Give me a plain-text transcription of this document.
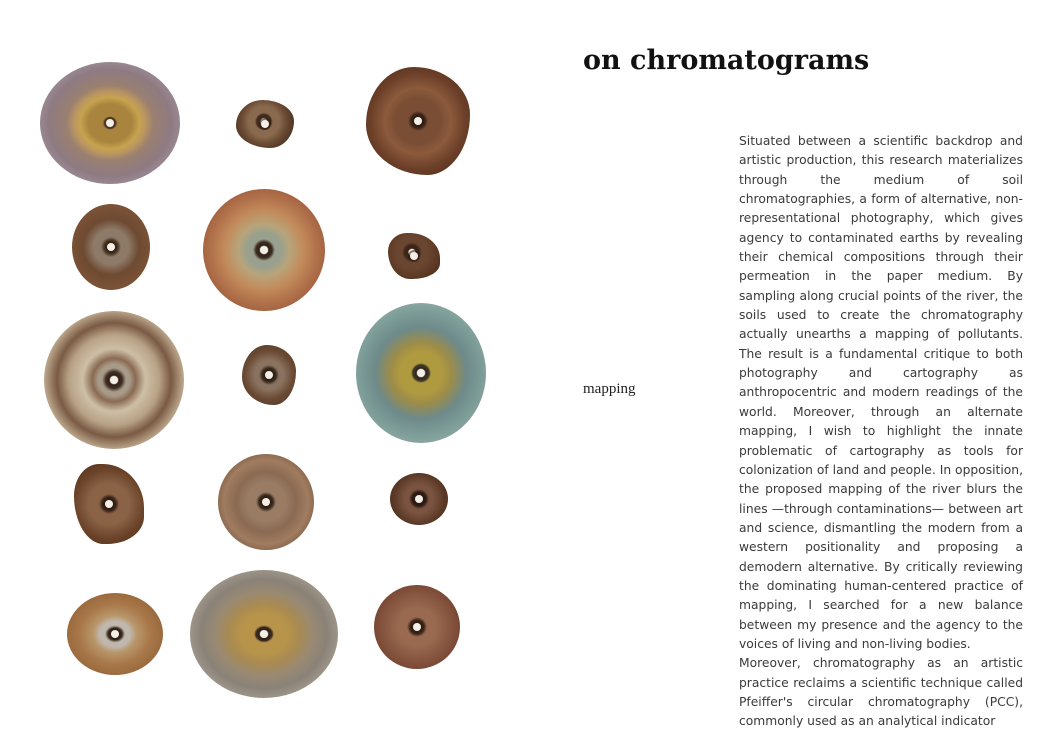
on chromatograms
mapping

Situated between a scientific backdrop and artistic production, this research materializes through the medium of soil chromatographies, a form of alternative, non-representational photography, which gives agency to contaminated earths by revealing their chemical compositions through their permeation in the paper medium. By sampling along crucial points of the river, the soils used to create the chromatography actually unearths a mapping of pollutants. The result is a fundamental critique to both photography and cartography as anthropocentric and modern readings of the world. Moreover, through an alternate mapping, I wish to highlight the innate problematic of cartography as tools for colonization of land and people. In opposition, the proposed mapping of the river blurs the lines —through contaminations— between art and science, dismantling the modern from a western positionality and proposing a demodern alternative. By critically reviewing the dominating human-centered practice of mapping, I searched for a new balance between my presence and the agency to the voices of living and non-living bodies.

Moreover, chromatography as an artistic practice reclaims a scientific technique called Pfeiffer's circular chromatography (PCC), commonly used as an analytical indicator
